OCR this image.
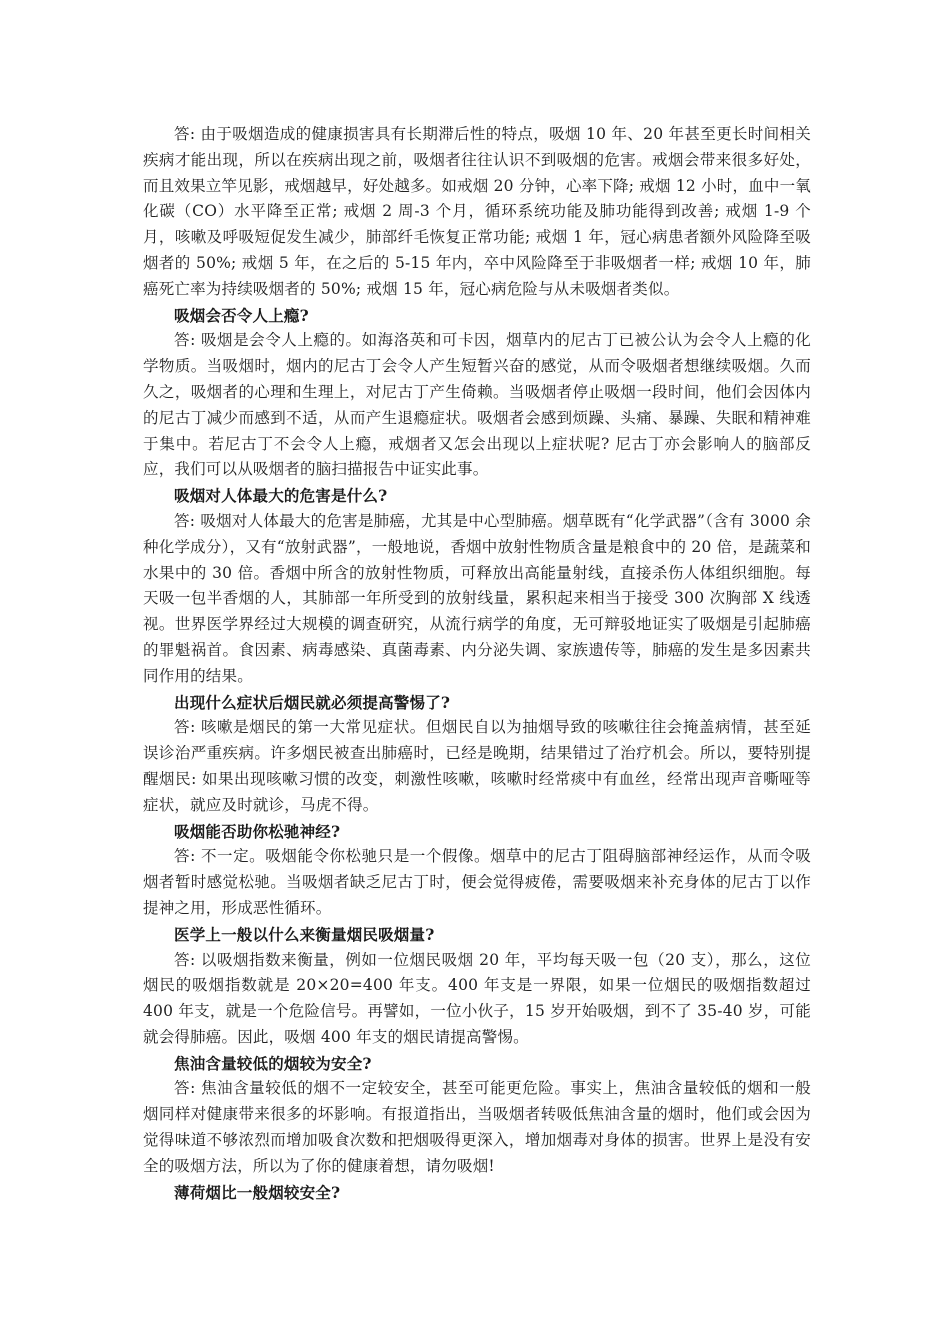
答: 由于吸烟造成的健康损害具有长期滞后性的特点，吸烟 10 年、20 年甚至更长时间相关疾病才能出现，所以在疾病出现之前，吸烟者往往认识不到吸烟的危害。戒烟会带来很多好处，而且效果立竿见影，戒烟越早，好处越多。如戒烟 20 分钟，心率下降; 戒烟 12 小时，血中一氧化碳（CO）水平降至正常; 戒烟 2 周-3 个月，循环系统功能及肺功能得到改善; 戒烟 1-9 个月，咳嗽及呼吸短促发生减少，肺部纤毛恢复正常功能; 戒烟 1 年，冠心病患者额外风险降至吸烟者的 50%; 戒烟 5 年，在之后的 5-15 年内，卒中风险降至于非吸烟者一样; 戒烟 10 年，肺癌死亡率为持续吸烟者的 50%; 戒烟 15 年，冠心病危险与从未吸烟者类似。

吸烟会否令人上瘾?

答: 吸烟是会令人上瘾的。如海洛英和可卡因，烟草内的尼古丁已被公认为会令人上瘾的化学物质。当吸烟时，烟内的尼古丁会令人产生短暂兴奋的感觉，从而令吸烟者想继续吸烟。久而久之，吸烟者的心理和生理上，对尼古丁产生倚赖。当吸烟者停止吸烟一段时间，他们会因体内的尼古丁减少而感到不适，从而产生退瘾症状。吸烟者会感到烦躁、头痛、暴躁、失眠和精神难于集中。若尼古丁不会令人上瘾，戒烟者又怎会出现以上症状呢? 尼古丁亦会影响人的脑部反应，我们可以从吸烟者的脑扫描报告中证实此事。

吸烟对人体最大的危害是什么?

答: 吸烟对人体最大的危害是肺癌，尤其是中心型肺癌。烟草既有“化学武器”（含有 3000 余种化学成分），又有“放射武器”，一般地说，香烟中放射性物质含量是粮食中的 20 倍，是蔬菜和水果中的 30 倍。香烟中所含的放射性物质，可释放出高能量射线，直接杀伤人体组织细胞。每天吸一包半香烟的人，其肺部一年所受到的放射线量，累积起来相当于接受 300 次胸部 X 线透视。世界医学界经过大规模的调查研究，从流行病学的角度，无可辩驳地证实了吸烟是引起肺癌的罪魁祸首。食因素、病毒感染、真菌毒素、内分泌失调、家族遗传等，肺癌的发生是多因素共同作用的结果。

出现什么症状后烟民就必须提高警惕了?

答: 咳嗽是烟民的第一大常见症状。但烟民自以为抽烟导致的咳嗽往往会掩盖病情，甚至延误诊治严重疾病。许多烟民被查出肺癌时，已经是晚期，结果错过了治疗机会。所以，要特别提醒烟民: 如果出现咳嗽习惯的改变，刺激性咳嗽，咳嗽时经常痰中有血丝，经常出现声音嘶哑等症状，就应及时就诊，马虎不得。

吸烟能否助你松驰神经?

答: 不一定。吸烟能令你松驰只是一个假像。烟草中的尼古丁阻碍脑部神经运作，从而令吸烟者暂时感觉松驰。当吸烟者缺乏尼古丁时，便会觉得疲倦，需要吸烟来补充身体的尼古丁以作提神之用，形成恶性循环。

医学上一般以什么来衡量烟民吸烟量?

答: 以吸烟指数来衡量，例如一位烟民吸烟 20 年，平均每天吸一包（20 支），那么，这位烟民的吸烟指数就是 20×20=400 年支。400 年支是一界限，如果一位烟民的吸烟指数超过 400 年支，就是一个危险信号。再譬如，一位小伙子，15 岁开始吸烟，到不了 35-40 岁，可能就会得肺癌。因此，吸烟 400 年支的烟民请提高警惕。

焦油含量较低的烟较为安全?

答: 焦油含量较低的烟不一定较安全，甚至可能更危险。事实上，焦油含量较低的烟和一般烟同样对健康带来很多的坏影响。有报道指出，当吸烟者转吸低焦油含量的烟时，他们或会因为觉得味道不够浓烈而增加吸食次数和把烟吸得更深入，增加烟毒对身体的损害。世界上是没有安全的吸烟方法，所以为了你的健康着想，请勿吸烟!

薄荷烟比一般烟较安全?
